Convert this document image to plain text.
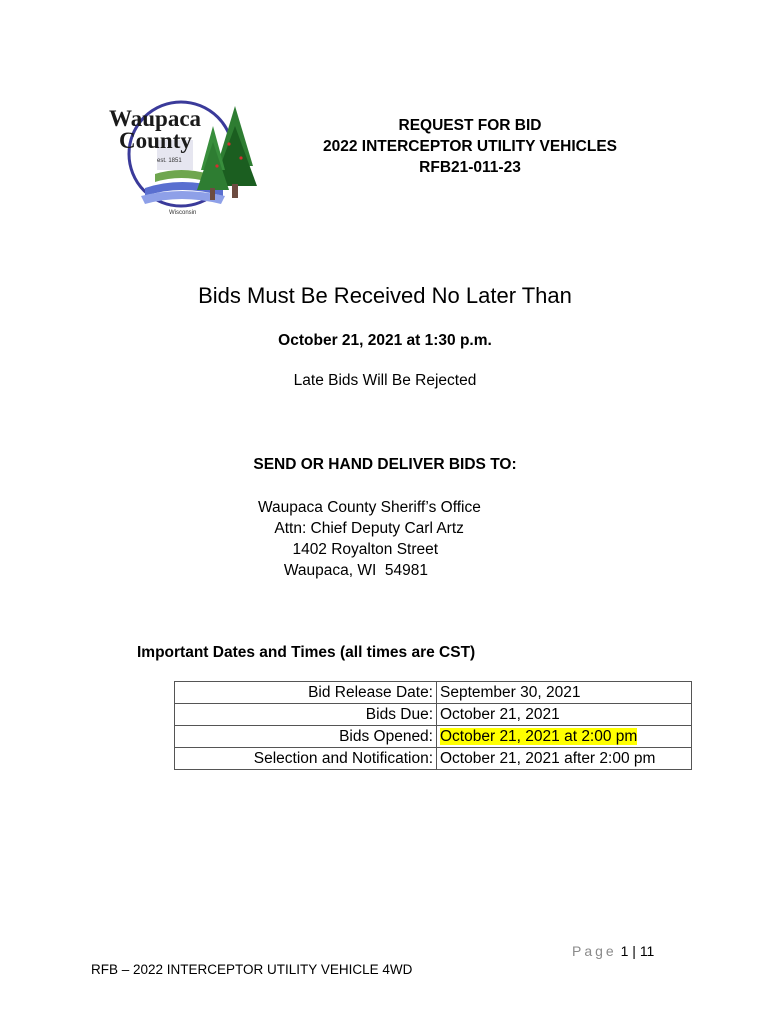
Waupaca
County
est. 1851
Wisconsin
REQUEST FOR BID
2022 INTERCEPTOR UTILITY VEHICLES
RFB21-011-23
Bids Must Be Received No Later Than
October 21, 2021 at 1:30 p.m.
Late Bids Will Be Rejected
SEND OR HAND DELIVER BIDS TO:
Waupaca County Sheriff’s Office
Attn: Chief Deputy Carl Artz
1402 Royalton Street
Waupaca, WI  54981
Important Dates and Times (all times are CST)
Bid Release Date:	September 30, 2021
Bids Due:	October 21, 2021
Bids Opened:	October 21, 2021 at 2:00 pm
Selection and Notification:	October 21, 2021 after 2:00 pm
Page 1 | 11
RFB – 2022 INTERCEPTOR UTILITY VEHICLE 4WD
